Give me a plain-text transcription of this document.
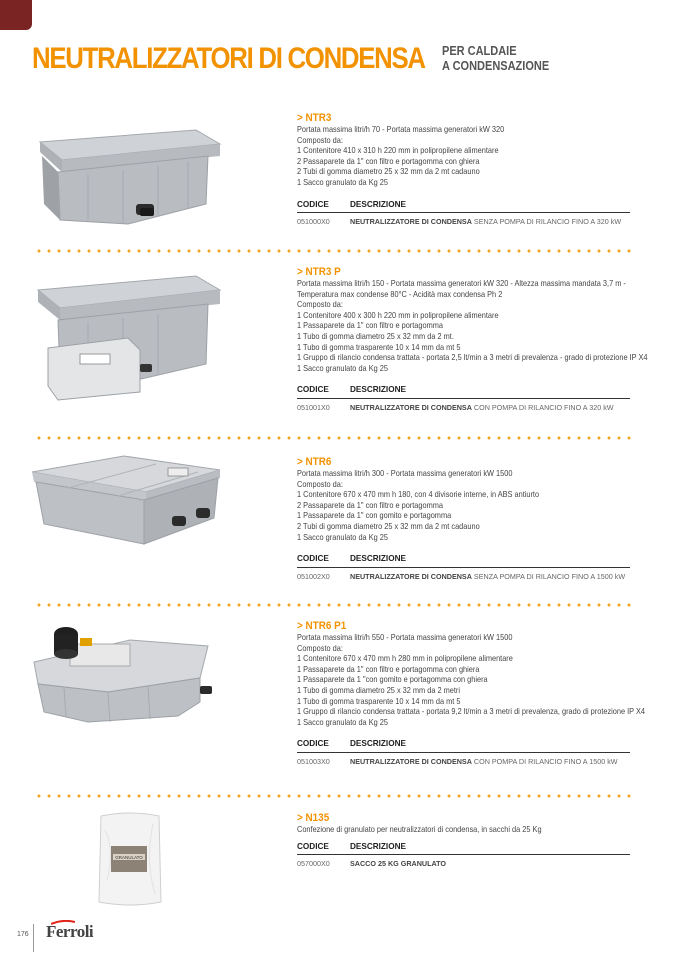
NEUTRALIZZATORI DI CONDENSA PER CALDAIE
A CONDENSAZIONE
> NTR3
Portata massima litri/h 70 - Portata massima generatori kW 320
Composto da:
1 Contenitore 410 x 310 h 220 mm in polipropilene alimentare
2 Passaparete da 1" con filtro e portagomma con ghiera
2 Tubi di gomma diametro 25 x 32 mm da 2 mt cadauno
1 Sacco granulato da Kg 25
CODICE	DESCRIZIONE
051000X0	NEUTRALIZZATORE DI CONDENSA SENZA POMPA DI RILANCIO FINO A 320 kW
> NTR3 P
Portata massima litri/h 150 - Portata massima generatori kW 320 - Altezza massima mandata 3,7 m -
Temperatura max condense 80°C - Acidità max condensa Ph 2
Composto da:
1 Contenitore 400 x 300 h 220 mm in polipropilene alimentare
1 Passaparete da 1" con filtro e portagomma
1 Tubo di gomma diametro 25 x 32 mm da 2 mt.
1 Tubo di gomma trasparente 10 x 14 mm da mt 5
1 Gruppo di rilancio condensa trattata - portata 2,5 lt/min a 3 metri di prevalenza - grado di protezione IP X4
1 Sacco granulato da Kg 25
CODICE	DESCRIZIONE
051001X0	NEUTRALIZZATORE DI CONDENSA CON POMPA DI RILANCIO FINO A 320 kW
> NTR6
Portata massima litri/h 300 - Portata massima generatori kW 1500
Composto da:
1 Contenitore 670 x 470 mm h 180, con 4 divisorie interne, in ABS antiurto
2 Passaparete da 1" con filtro e portagomma
1 Passaparete da 1" con gomito e portagomma
2 Tubi di gomma diametro 25 x 32 mm da 2 mt cadauno
1 Sacco granulato da Kg 25
CODICE	DESCRIZIONE
051002X0	NEUTRALIZZATORE DI CONDENSA SENZA POMPA DI RILANCIO FINO A 1500 kW
> NTR6 P1
Portata massima litri/h 550 - Portata massima generatori kW 1500
Composto da:
1 Contenitore 670 x 470 mm h 280 mm in polipropilene alimentare
1 Passaparete da 1" con filtro e portagomma con ghiera
1 Passaparete da 1 "con gomito e portagomma con ghiera
1 Tubo di gomma diametro 25 x 32 mm da 2 metri
1 Tubo di gomma trasparente 10 x 14 mm da mt 5
1 Gruppo di rilancio condensa trattata - portata 9,2 lt/min a 3 metri di prevalenza, grado di protezione IP X4
1 Sacco granulato da Kg 25
CODICE	DESCRIZIONE
051003X0	NEUTRALIZZATORE DI CONDENSA CON POMPA DI RILANCIO FINO A 1500 kW
GRANULATO
> N135
Confezione di granulato per neutralizzatori di condensa, in sacchi da 25 Kg
CODICE	DESCRIZIONE
057000X0	SACCO 25 KG GRANULATO
176 Ferroli
